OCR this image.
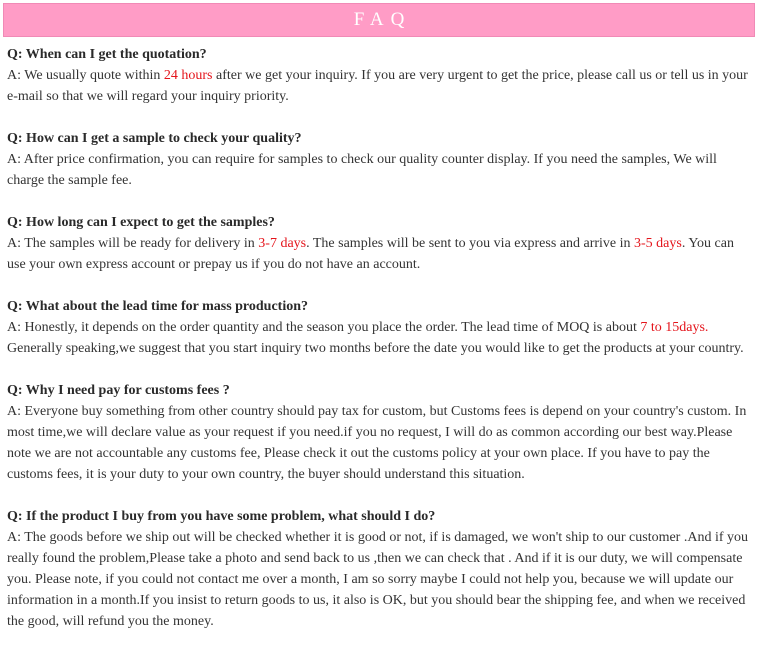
FAQ
Q: When can I get the quotation?
A: We usually quote within 24 hours after we get your inquiry. If you are very urgent to get the price, please call us or tell us in your e-mail so that we will regard your inquiry priority.
Q: How can I get a sample to check your quality?
A: After price confirmation, you can require for samples to check our quality counter display. If you need the samples, We will charge the sample fee.
Q: How long can I expect to get the samples?
A: The samples will be ready for delivery in 3-7 days. The samples will be sent to you via express and arrive in 3-5 days. You can use your own express account or prepay us if you do not have an account.
Q: What about the lead time for mass production?
A: Honestly, it depends on the order quantity and the season you place the order. The lead time of MOQ is about 7 to 15days. Generally speaking,we suggest that you start inquiry two months before the date you would like to get the products at your country.
Q: Why I need pay for customs fees ?
A: Everyone buy something from other country should pay tax for custom, but Customs fees is depend on your country's custom. In most time,we will declare value as your request if you need.if you no request, I will do as common according our best way.Please note we are not accountable any customs fee, Please check it out the customs policy at your own place. If you have to pay the customs fees, it is your duty to your own country, the buyer should understand this situation.
Q: If the product I buy from you have some problem, what should I do?
A: The goods before we ship out will be checked whether it is good or not, if is damaged, we won't ship to our customer .And if you really found the problem,Please take a photo and send back to us ,then we can check that . And if it is our duty, we will compensate you. Please note, if you could not contact me over a month, I am so sorry maybe I could not help you, because we will update our information in a month.If you insist to return goods to us, it also is OK, but you should bear the shipping fee, and when we received the good, will refund you the money.
